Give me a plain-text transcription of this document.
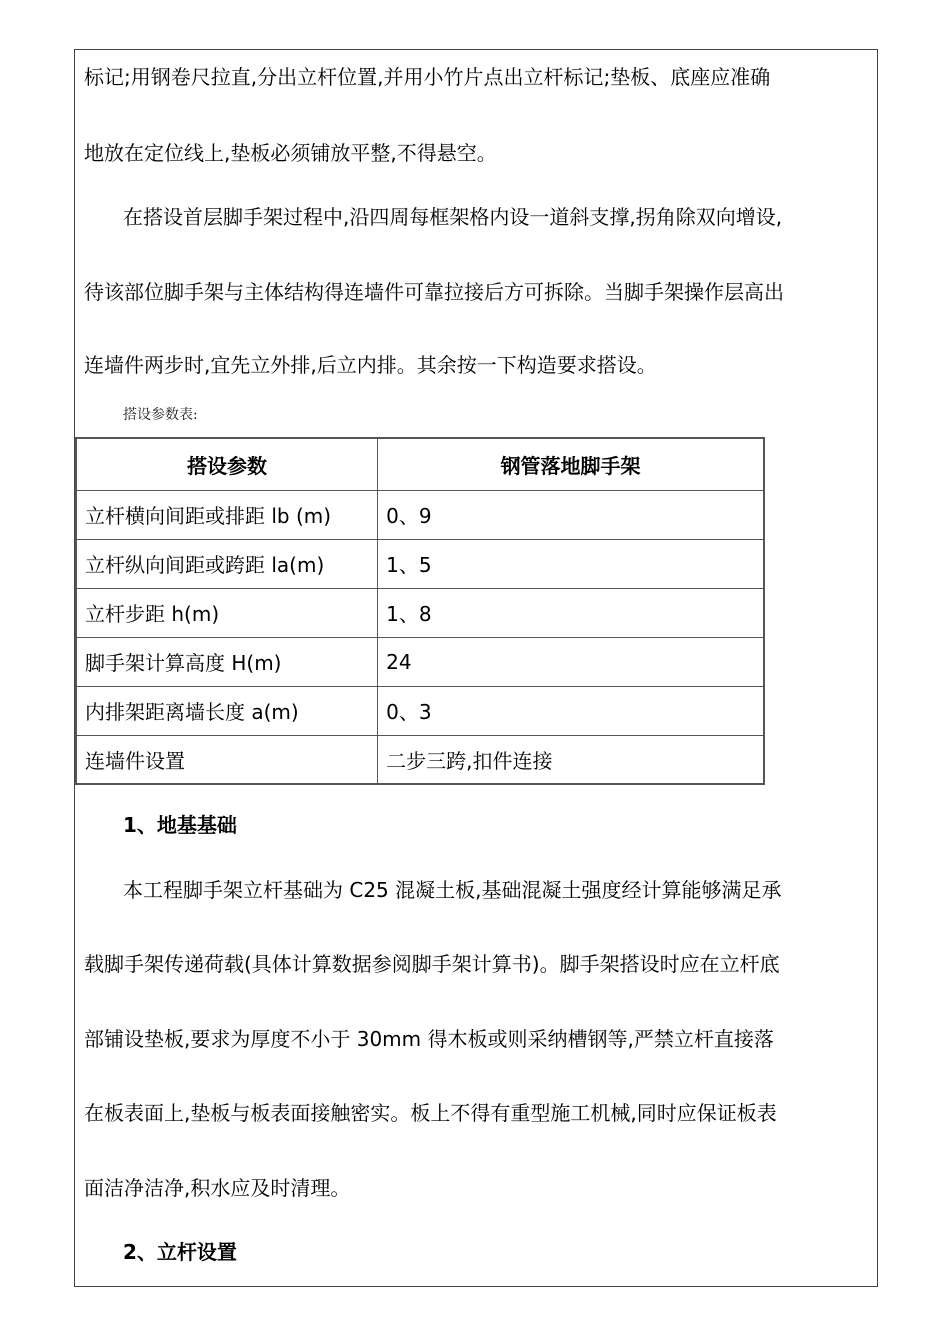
标记;用钢卷尺拉直,分出立杆位置,并用小竹片点出立杆标记;垫板、底座应准确
地放在定位线上,垫板必须铺放平整,不得悬空。
在搭设首层脚手架过程中,沿四周每框架格内设一道斜支撑,拐角除双向增设,
待该部位脚手架与主体结构得连墙件可靠拉接后方可拆除。当脚手架操作层高出
连墙件两步时,宜先立外排,后立内排。其余按一下构造要求搭设。
搭设参数表:
搭设参数	钢管落地脚手架
立杆横向间距或排距 lb (m)	0、9
立杆纵向间距或跨距 la(m)	1、5
立杆步距 h(m)	1、8
脚手架计算高度 H(m)	24
内排架距离墙长度 a(m)	0、3
连墙件设置	二步三跨,扣件连接
1、地基基础
本工程脚手架立杆基础为 C25 混凝土板,基础混凝土强度经计算能够满足承
载脚手架传递荷载(具体计算数据参阅脚手架计算书)。脚手架搭设时应在立杆底
部铺设垫板,要求为厚度不小于 30mm 得木板或则采纳槽钢等,严禁立杆直接落
在板表面上,垫板与板表面接触密实。板上不得有重型施工机械,同时应保证板表
面洁净洁净,积水应及时清理。
2、立杆设置
